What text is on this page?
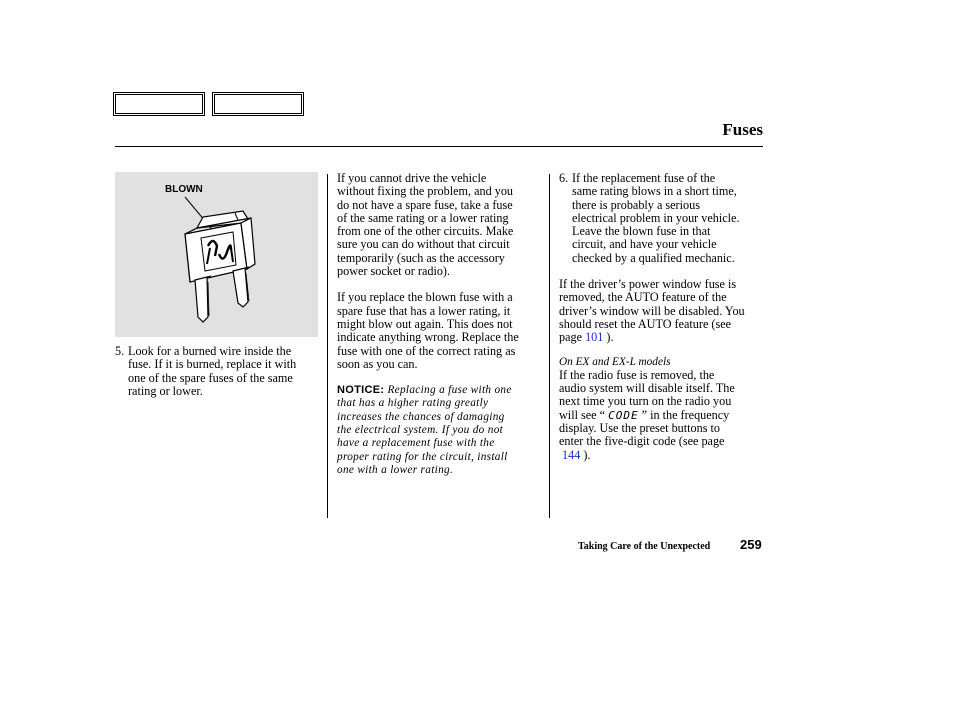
Fuses
BLOWN
5. Look for a burned wire inside the

fuse. If it is burned, replace it with

one of the spare fuses of the same

rating or lower.

If you cannot drive the vehicle

without fixing the problem, and you

do not have a spare fuse, take a fuse

of the same rating or a lower rating

from one of the other circuits. Make

sure you can do without that circuit

temporarily (such as the accessory

power socket or radio).

If you replace the blown fuse with a

spare fuse that has a lower rating, it

might blow out again. This does not

indicate anything wrong. Replace the

fuse with one of the correct rating as

soon as you can.

NOTICE: Replacing a fuse with one

that has a higher rating greatly

increases the chances of damaging

the electrical system. If you do not

have a replacement fuse with the

proper rating for the circuit, install

one with a lower rating.

6. If the replacement fuse of the

same rating blows in a short time,

there is probably a serious

electrical problem in your vehicle.

Leave the blown fuse in that

circuit, and have your vehicle

checked by a qualified mechanic.

If the driver’s power window fuse is

removed, the AUTO feature of the

driver’s window will be disabled. You

should reset the AUTO feature (see

page 101 ).

On EX and EX-L models

If the radio fuse is removed, the

audio system will disable itself. The

next time you turn on the radio you

will see “ CODE ” in the frequency

display. Use the preset buttons to

enter the five-digit code (see page

144 ).

Taking Care of the Unexpected 259
